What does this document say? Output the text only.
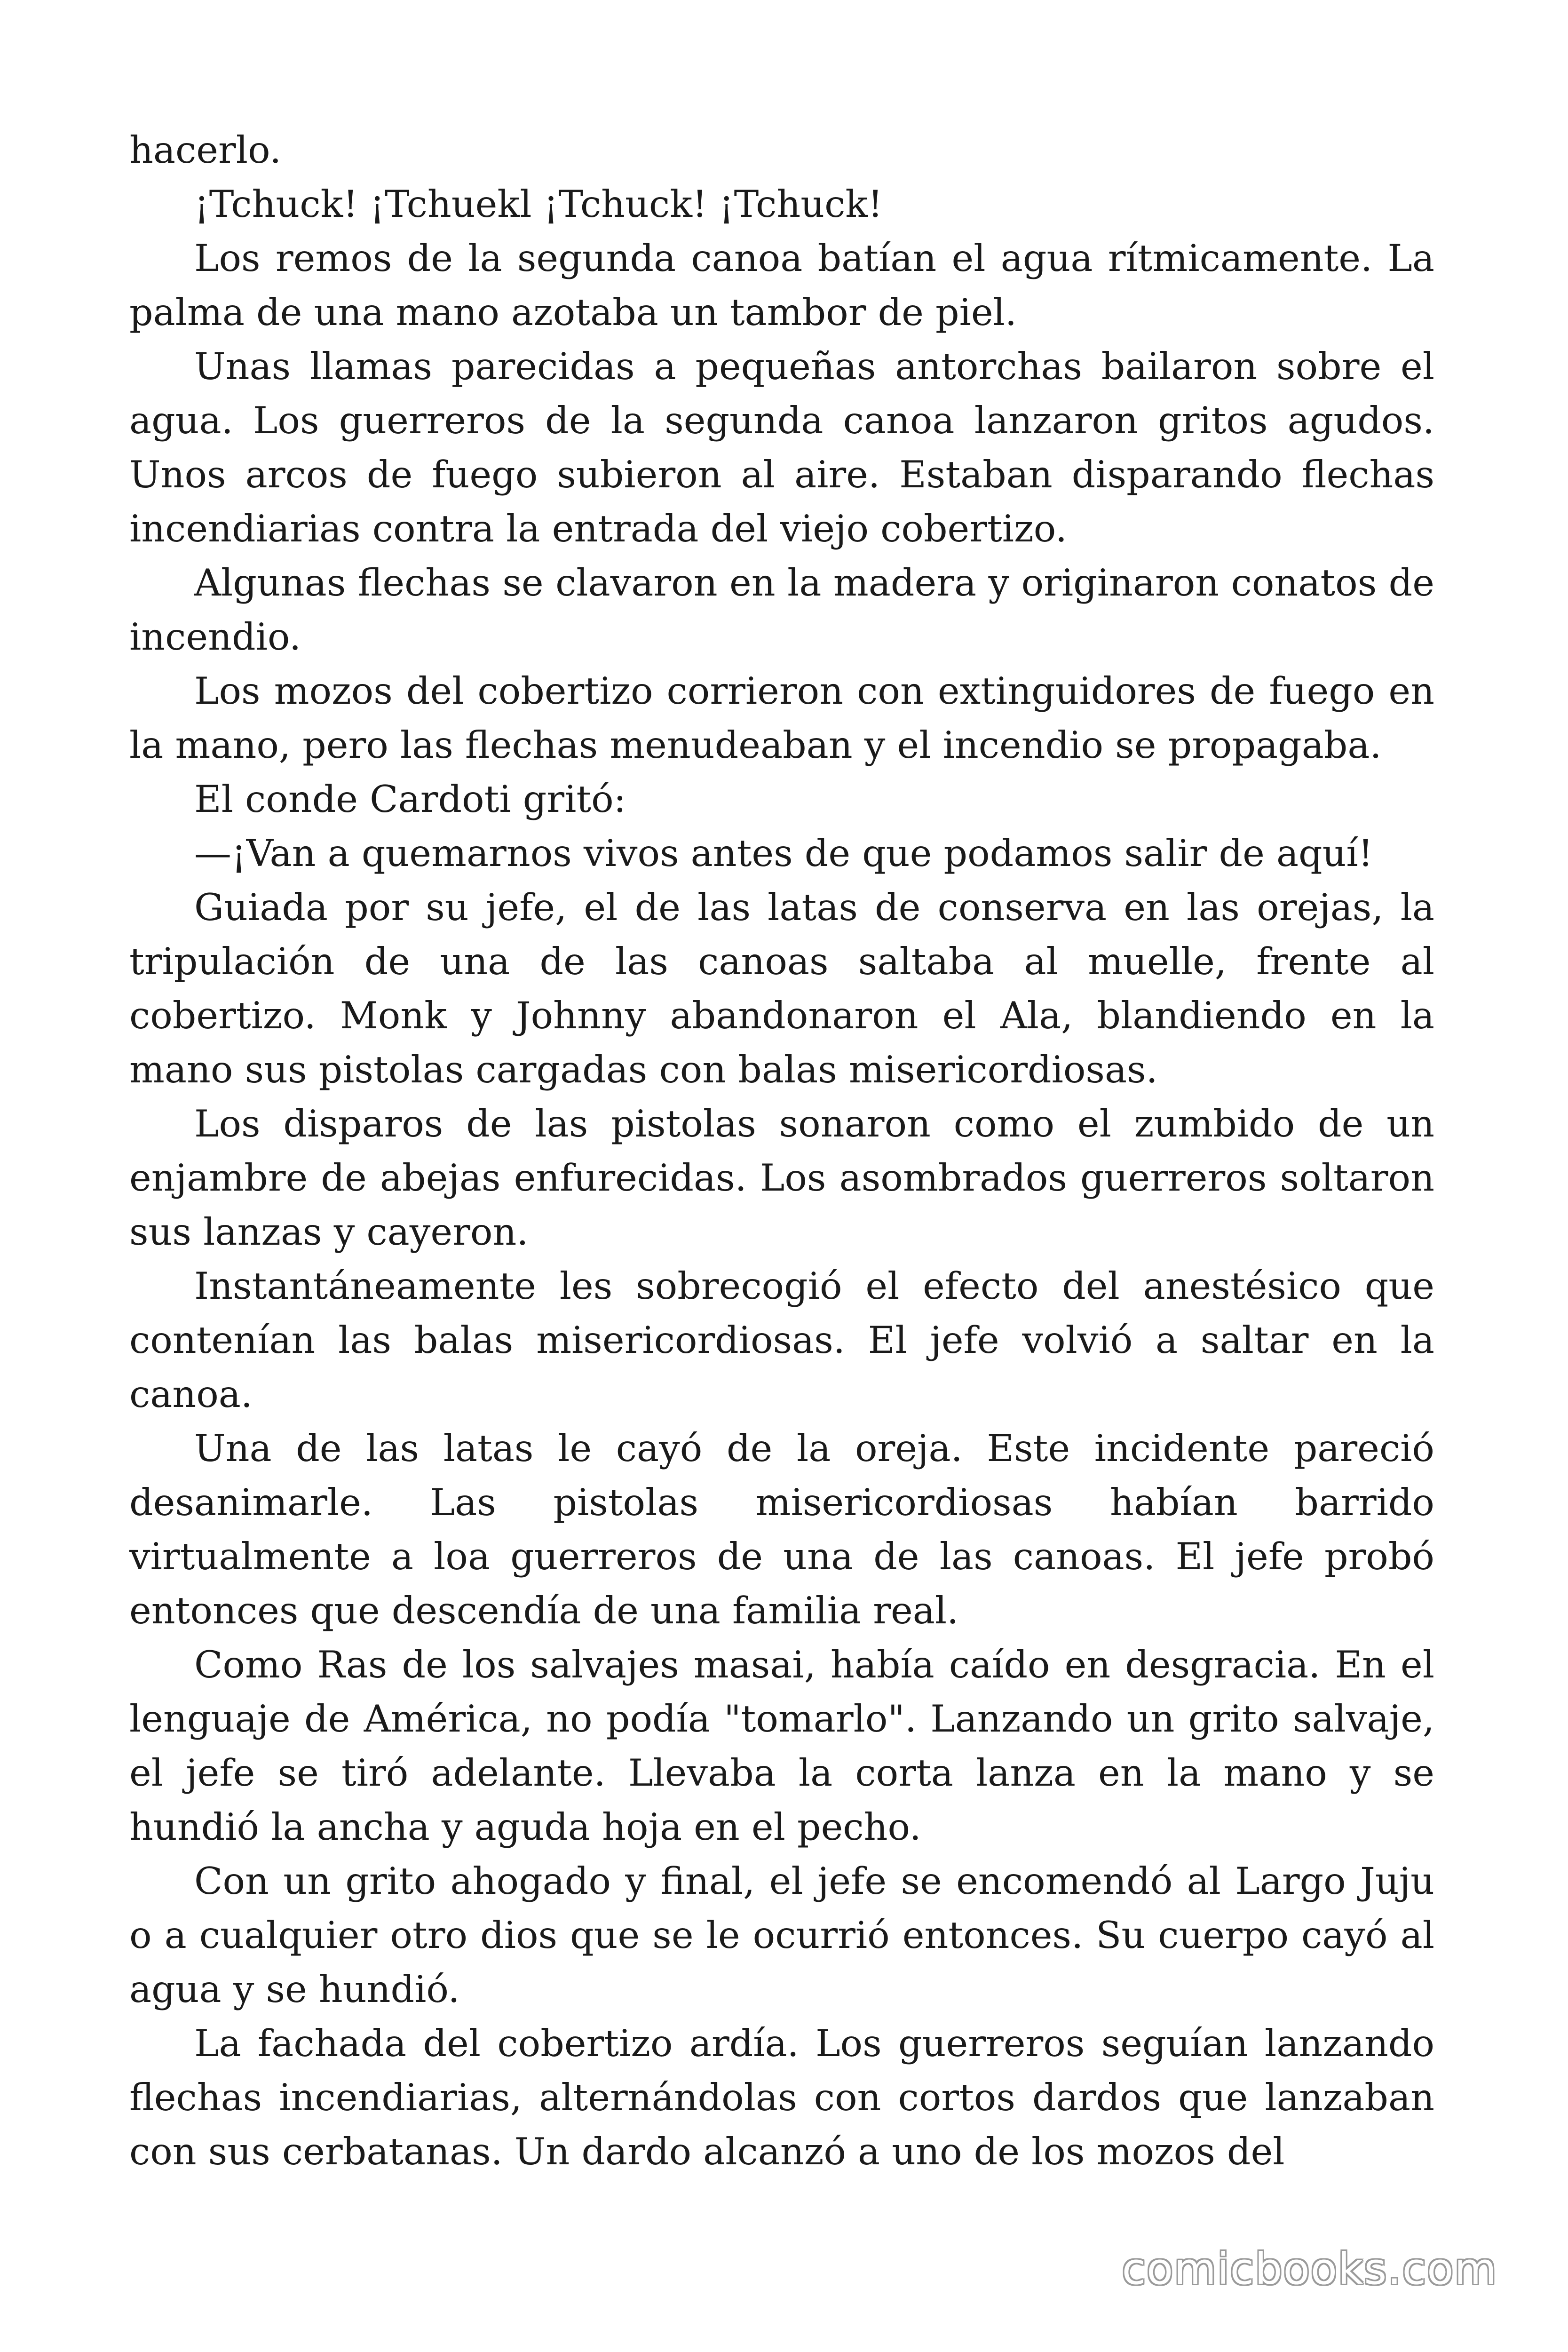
hacerlo.

¡Tchuck! ¡Tchuekl ¡Tchuck! ¡Tchuck!

Los remos de la segunda canoa batían el agua rítmicamente. La palma de una mano azotaba un tambor de piel.

Unas llamas parecidas a pequeñas antorchas bailaron sobre el agua. Los guerreros de la segunda canoa lanzaron gritos agudos. Unos arcos de fuego subieron al aire. Estaban disparando flechas incendiarias contra la entrada del viejo cobertizo.

Algunas flechas se clavaron en la madera y originaron conatos de incendio.

Los mozos del cobertizo corrieron con extinguidores de fuego en la mano, pero las flechas menudeaban y el incendio se propagaba.

El conde Cardoti gritó:

—¡Van a quemarnos vivos antes de que podamos salir de aquí!

Guiada por su jefe, el de las latas de conserva en las orejas, la tripulación de una de las canoas saltaba al muelle, frente al cobertizo. Monk y Johnny abandonaron el Ala, blandiendo en la mano sus pistolas cargadas con balas misericordiosas.

Los disparos de las pistolas sonaron como el zumbido de un enjambre de abejas enfurecidas. Los asombrados guerreros soltaron sus lanzas y cayeron.

Instantáneamente les sobrecogió el efecto del anestésico que contenían las balas misericordiosas. El jefe volvió a saltar en la canoa.

Una de las latas le cayó de la oreja. Este incidente pareció desanimarle. Las pistolas misericordiosas habían barrido virtualmente a loa guerreros de una de las canoas. El jefe probó entonces que descendía de una familia real.

Como Ras de los salvajes masai, había caído en desgracia. En el lenguaje de América, no podía "tomarlo". Lanzando un grito salvaje, el jefe se tiró adelante. Llevaba la corta lanza en la mano y se hundió la ancha y aguda hoja en el pecho.

Con un grito ahogado y final, el jefe se encomendó al Largo Juju o a cualquier otro dios que se le ocurrió entonces. Su cuerpo cayó al agua y se hundió.

La fachada del cobertizo ardía. Los guerreros seguían lanzando flechas incendiarias, alternándolas con cortos dardos que lanzaban con sus cerbatanas. Un dardo alcanzó a uno de los mozos del

comicbooks.com
